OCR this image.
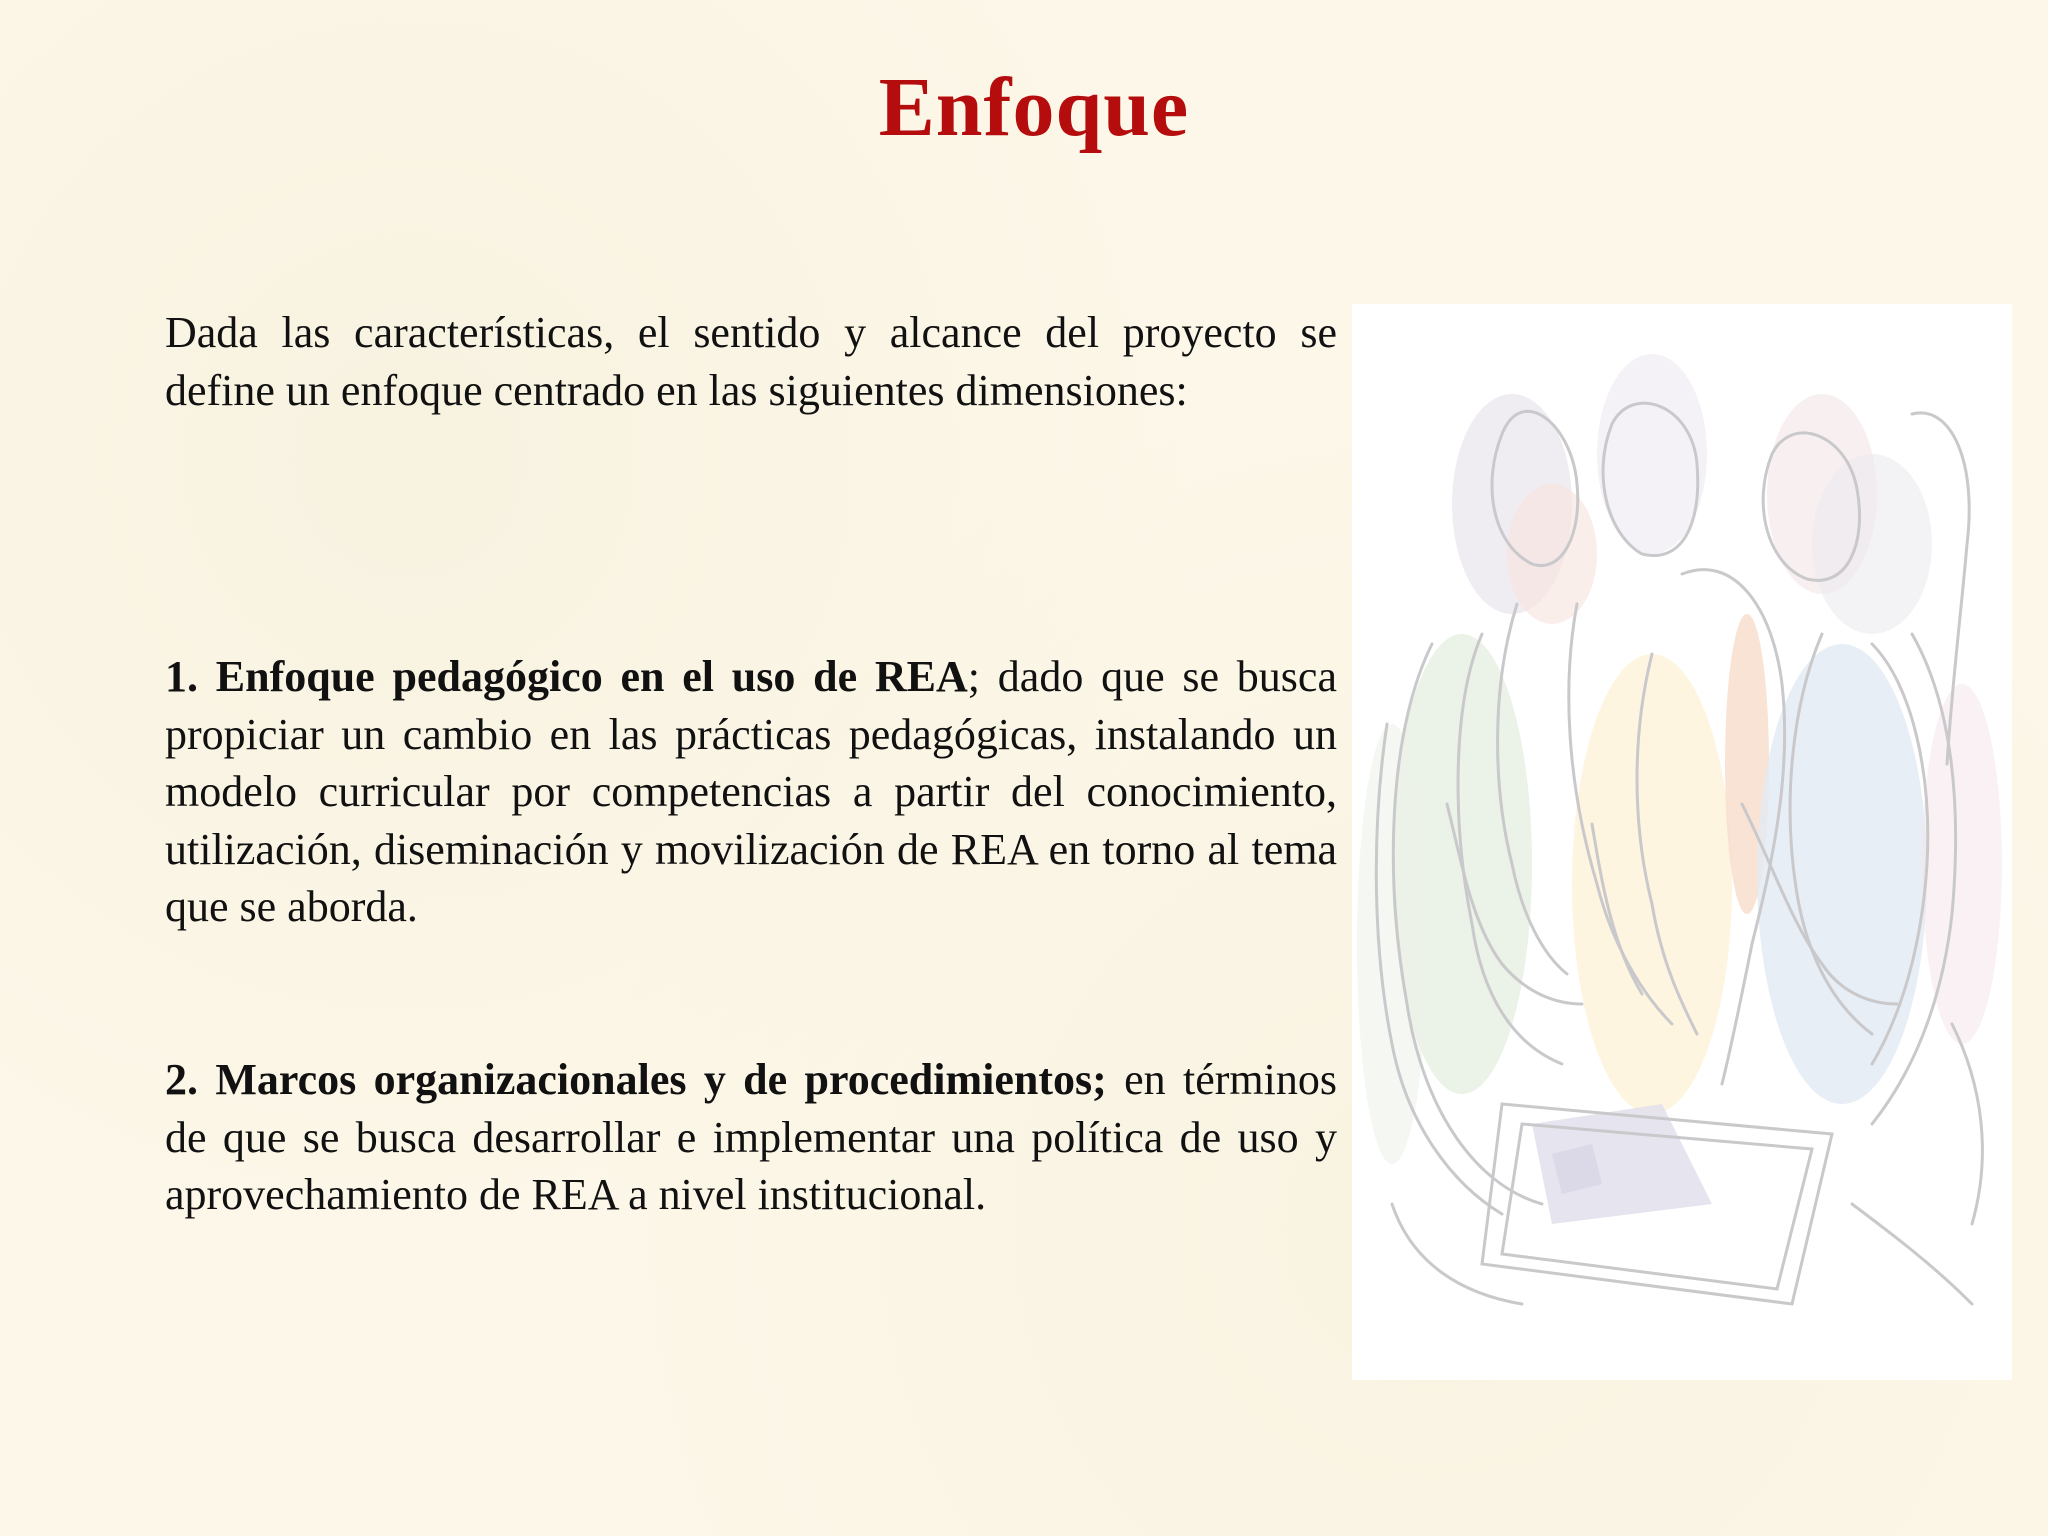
Enfoque
Dada las características, el sentido y alcance del proyecto se define un enfoque centrado en las siguientes dimensiones:
1. Enfoque pedagógico en el uso de REA; dado que se busca propiciar un cambio en las prácticas pedagógicas, instalando un modelo curricular por competencias a partir del conocimiento, utilización, diseminación y movilización de REA en torno al tema que se aborda.
2. Marcos organizacionales y de procedimientos; en términos de que se busca desarrollar e implementar una política de uso y aprovechamiento de REA a nivel institucional.
